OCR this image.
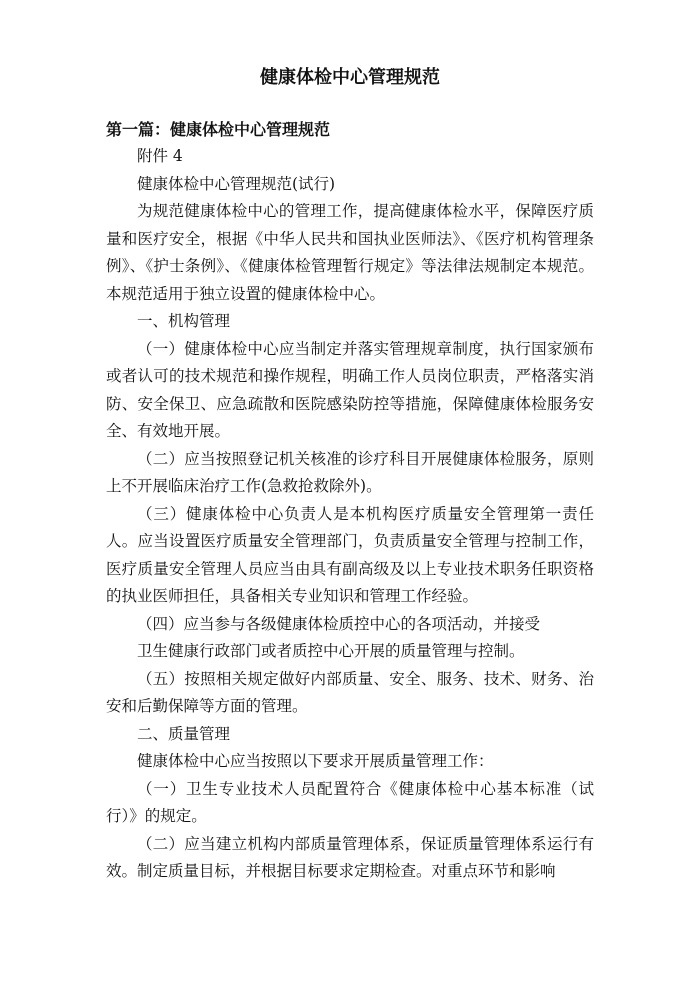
健康体检中心管理规范
第一篇：健康体检中心管理规范

附件 4

健康体检中心管理规范(试行)

为规范健康体检中心的管理工作，提高健康体检水平，保障医疗质量和医疗安全，根据《中华人民共和国执业医师法》、《医疗机构管理条例》、《护士条例》、《健康体检管理暂行规定》等法律法规制定本规范。本规范适用于独立设置的健康体检中心。

一、机构管理

（一）健康体检中心应当制定并落实管理规章制度，执行国家颁布或者认可的技术规范和操作规程，明确工作人员岗位职责，严格落实消防、安全保卫、应急疏散和医院感染防控等措施，保障健康体检服务安全、有效地开展。

（二）应当按照登记机关核准的诊疗科目开展健康体检服务，原则上不开展临床治疗工作(急救抢救除外)。

（三）健康体检中心负责人是本机构医疗质量安全管理第一责任人。应当设置医疗质量安全管理部门，负责质量安全管理与控制工作，医疗质量安全管理人员应当由具有副高级及以上专业技术职务任职资格的执业医师担任，具备相关专业知识和管理工作经验。

（四）应当参与各级健康体检质控中心的各项活动，并接受

卫生健康行政部门或者质控中心开展的质量管理与控制。

（五）按照相关规定做好内部质量、安全、服务、技术、财务、治安和后勤保障等方面的管理。

二、质量管理

健康体检中心应当按照以下要求开展质量管理工作：

（一）卫生专业技术人员配置符合《健康体检中心基本标准（试行）》的规定。

（二）应当建立机构内部质量管理体系，保证质量管理体系运行有效。制定质量目标，并根据目标要求定期检查。对重点环节和影响
